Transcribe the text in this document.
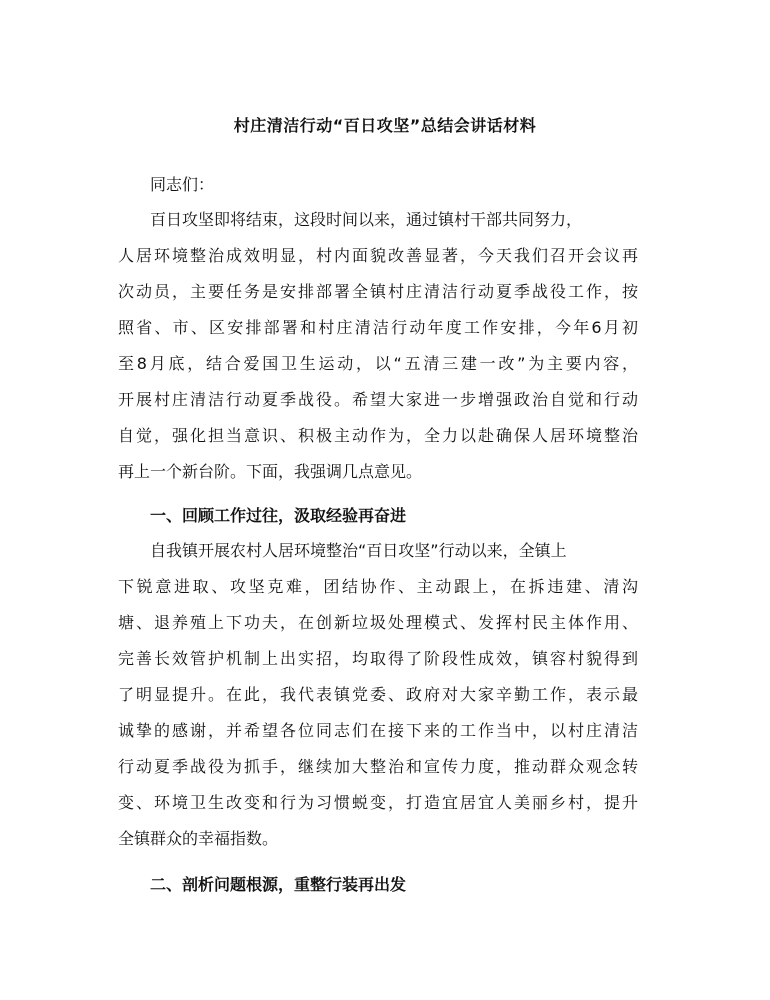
村庄清洁行动“百日攻坚”总结会讲话材料
同志们：
百日攻坚即将结束，这段时间以来，通过镇村干部共同努力，
人居环境整治成效明显，村内面貌改善显著，今天我们召开会议再
次动员，主要任务是安排部署全镇村庄清洁行动夏季战役工作，按
照省、市、区安排部署和村庄清洁行动年度工作安排，今年6月初
至8月底，结合爱国卫生运动，以“五清三建一改”为主要内容，
开展村庄清洁行动夏季战役。希望大家进一步增强政治自觉和行动
自觉，强化担当意识、积极主动作为，全力以赴确保人居环境整治
再上一个新台阶。下面，我强调几点意见。
一、回顾工作过往，汲取经验再奋进
自我镇开展农村人居环境整治“百日攻坚”行动以来，全镇上
下锐意进取、攻坚克难，团结协作、主动跟上，在拆违建、清沟
塘、退养殖上下功夫，在创新垃圾处理模式、发挥村民主体作用、
完善长效管护机制上出实招，均取得了阶段性成效，镇容村貌得到
了明显提升。在此，我代表镇党委、政府对大家辛勤工作，表示最
诚挚的感谢，并希望各位同志们在接下来的工作当中，以村庄清洁
行动夏季战役为抓手，继续加大整治和宣传力度，推动群众观念转
变、环境卫生改变和行为习惯蜕变，打造宜居宜人美丽乡村，提升
全镇群众的幸福指数。
二、剖析问题根源，重整行装再出发
